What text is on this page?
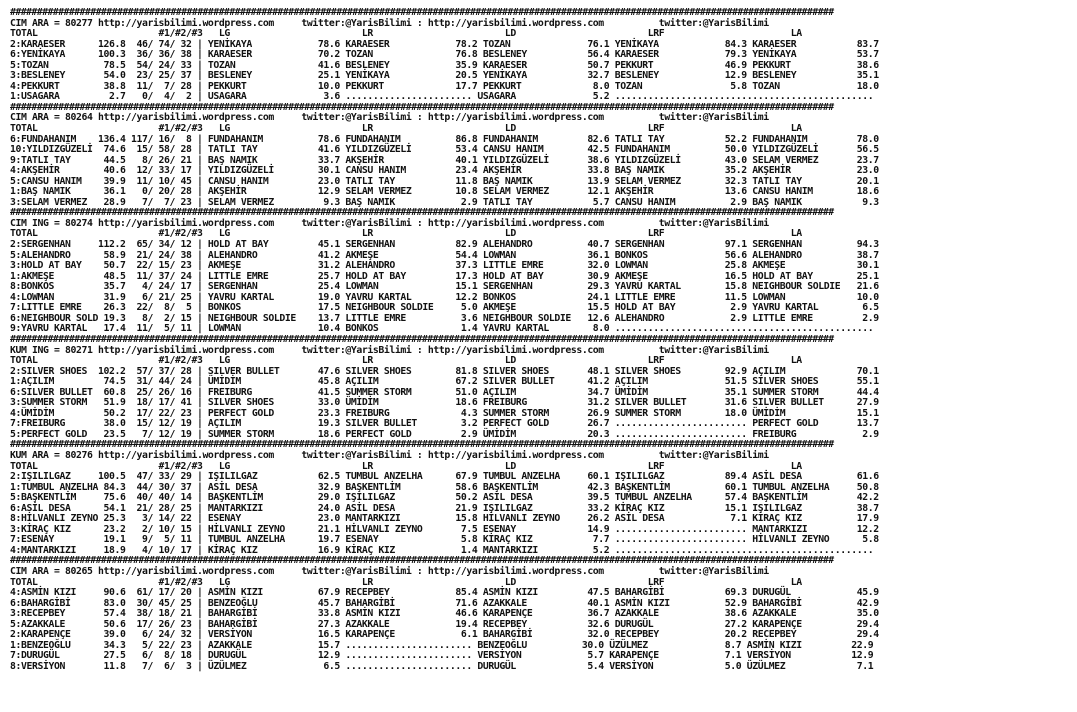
##########################################################################################################################################################
CIM ARA = 80277 http://yarisbilimi.wordpress.com     twitter:@YarisBilimi : http://yarisbilimi.wordpress.com          twitter:@YarisBilimi
TOTAL                      #1/#2/#3   LG                        LR                        LD                        LRF                       LA
2:KARAESER      126.8  46/ 74/ 32 | YENİKAYA            78.6 KARAESER            78.2 TOZAN              76.1 YENİKAYA            84.3 KARAESER           83.7
6:YENİKAYA      100.3  36/ 36/ 38 | KARAESER            70.2 TOZAN               76.8 BESLENEY           56.4 KARAESER            79.3 YENİKAYA           53.7
5:TOZAN          78.5  54/ 24/ 33 | TOZAN               41.6 BESLENEY            35.9 KARAESER           50.7 PEKKURT             46.9 PEKKURT            38.6
3:BESLENEY       54.0  23/ 25/ 37 | BESLENEY            25.1 YENİKAYA            20.5 YENİKAYA           32.7 BESLENEY            12.9 BESLENEY           35.1
4:PEKKURT        38.8  11/  7/ 28 | PEKKURT             10.0 PEKKURT             17.7 PEKKURT             8.0 TOZAN                5.8 TOZAN              18.0
1:USAGARA         2.7   0/  4/  2 | USAGARA              3.6 ....................... USAGARA              5.2 ...............................................
##########################################################################################################################################################
CIM ARA = 80264 http://yarisbilimi.wordpress.com     twitter:@YarisBilimi : http://yarisbilimi.wordpress.com          twitter:@YarisBilimi
TOTAL                      #1/#2/#3   LG                        LR                        LD                        LRF                       LA
6:FUNDAHANIM    136.4 117/ 16/  8 | FUNDAHANIM          78.6 FUNDAHANIM          86.8 FUNDAHANIM         82.6 TATLI TAY           52.2 FUNDAHANIM         78.0
10:YILDIZGÜZELİ  74.6  15/ 58/ 28 | TATLI TAY           41.6 YILDIZGÜZELİ        53.4 CANSU HANIM        42.5 FUNDAHANIM          50.0 YILDIZGÜZELİ       56.5
9:TATLI TAY      44.5   8/ 26/ 21 | BAŞ NAMIK           33.7 AKŞEHİR             40.1 YILDIZGÜZELİ       38.6 YILDIZGÜZELİ        43.0 SELAM VERMEZ       23.7
4:AKŞEHİR        40.6  12/ 33/ 17 | YILDIZGÜZELİ        30.1 CANSU HANIM         23.4 AKŞEHİR            33.8 BAŞ NAMIK           35.2 AKŞEHİR            23.0
5:CANSU HANIM    39.9  11/ 10/ 45 | CANSU HANIM         23.0 TATLI TAY           11.8 BAŞ NAMIK          13.9 SELAM VERMEZ        32.3 TATLI TAY          20.1
1:BAŞ NAMIK      36.1   0/ 20/ 28 | AKŞEHİR             12.9 SELAM VERMEZ        10.8 SELAM VERMEZ       12.1 AKŞEHİR             13.6 CANSU HANIM        18.6
3:SELAM VERMEZ   28.9   7/  7/ 23 | SELAM VERMEZ         9.3 BAŞ NAMIK            2.9 TATLI TAY           5.7 CANSU HANIM          2.9 BAŞ NAMIK           9.3
##########################################################################################################################################################
CIM ING = 80274 http://yarisbilimi.wordpress.com     twitter:@YarisBilimi : http://yarisbilimi.wordpress.com          twitter:@YarisBilimi
TOTAL                      #1/#2/#3   LG                        LR                        LD                        LRF                       LA
2:SERGENHAN     112.2  65/ 34/ 12 | HOLD AT BAY         45.1 SERGENHAN           82.9 ALEHANDRO          40.7 SERGENHAN           97.1 SERGENHAN          94.3
5:ALEHANDRO      58.9  21/ 24/ 38 | ALEHANDRO           41.2 AKMEŞE              54.4 LOWMAN             36.1 BONKOS              56.6 ALEHANDRO          38.7
3:HOLD AT BAY    50.7  22/ 15/ 23 | AKMEŞE              31.2 ALEHANDRO           37.3 LITTLE EMRE        32.0 LOWMAN              25.8 AKMEŞE             30.1
1:AKMEŞE         48.5  11/ 37/ 24 | LITTLE EMRE         25.7 HOLD AT BAY         17.3 HOLD AT BAY        30.9 AKMEŞE              16.5 HOLD AT BAY        25.1
8:BONKOS         35.7   4/ 24/ 17 | SERGENHAN           25.4 LOWMAN              15.1 SERGENHAN          29.3 YAVRU KARTAL        15.8 NEIGHBOUR SOLDIE   21.6
4:LOWMAN         31.9   6/ 21/ 25 | YAVRU KARTAL        19.0 YAVRU KARTAL        12.2 BONKOS             24.1 LITTLE EMRE         11.5 LOWMAN             10.0
7:LITTLE EMRE    26.3  22/  8/  5 | BONKOS              17.5 NEIGHBOUR SOLDIE     5.0 AKMEŞE             15.5 HOLD AT BAY          2.9 YAVRU KARTAL        6.5
6:NEIGHBOUR SOLD 19.3   8/  2/ 15 | NEIGHBOUR SOLDIE    13.7 LITTLE EMRE          3.6 NEIGHBOUR SOLDIE   12.6 ALEHANDRO            2.9 LITTLE EMRE         2.9
9:YAVRU KARTAL   17.4  11/  5/ 11 | LOWMAN              10.4 BONKOS               1.4 YAVRU KARTAL        8.0 ...............................................
##########################################################################################################################################################
KUM ING = 80271 http://yarisbilimi.wordpress.com     twitter:@YarisBilimi : http://yarisbilimi.wordpress.com          twitter:@YarisBilimi
TOTAL                      #1/#2/#3   LG                        LR                        LD                        LRF                       LA
2:SILVER SHOES  102.2  57/ 37/ 28 | SILVER BULLET       47.6 SILVER SHOES        81.8 SILVER SHOES       48.1 SILVER SHOES        92.9 AÇILIM             70.1
1:AÇILIM         74.5  31/ 44/ 24 | ÜMİDİM              45.8 AÇILIM              67.2 SILVER BULLET      41.2 AÇILIM              51.5 SILVER SHOES       55.1
6:SILVER BULLET  60.8  25/ 26/ 16 | FREIBURG            41.5 SUMMER STORM        51.0 AÇILIM             34.7 ÜMİDİM              35.1 SUMMER STORM       44.4
3:SUMMER STORM   51.9  18/ 17/ 41 | SILVER SHOES        33.0 ÜMİDİM              18.6 FREIBURG           31.2 SILVER BULLET       31.6 SILVER BULLET      27.9
4:ÜMİDİM         50.2  17/ 22/ 23 | PERFECT GOLD        23.3 FREIBURG             4.3 SUMMER STORM       26.9 SUMMER STORM        18.0 ÜMİDİM             15.1
7:FREIBURG       38.0  15/ 12/ 19 | AÇILIM              19.3 SILVER BULLET        3.2 PERFECT GOLD       26.7 ........................ PERFECT GOLD       13.7
5:PERFECT GOLD   23.5   7/ 12/ 19 | SUMMER STORM        18.6 PERFECT GOLD         2.9 ÜMİDİM             20.3 ........................ FREIBURG            2.9
##########################################################################################################################################################
KUM ARA = 80276 http://yarisbilimi.wordpress.com     twitter:@YarisBilimi : http://yarisbilimi.wordpress.com          twitter:@YarisBilimi
TOTAL                      #1/#2/#3   LG                        LR                        LD                        LRF                       LA
2:IŞILILGAZ     100.5  47/ 33/ 29 | IŞILILGAZ           62.5 TUMBUL ANZELHA      67.9 TUMBUL ANZELHA     60.1 IŞILILGAZ           89.4 ASİL DESA          61.6
1:TUMBUL ANZELHA 84.3  44/ 30/ 37 | ASİL DESA           32.9 BAŞKENTLİM          58.6 BAŞKENTLİM         42.3 BAŞKENTLİM          60.1 TUMBUL ANZELHA     50.8
5:BAŞKENTLİM     75.6  40/ 40/ 14 | BAŞKENTLİM          29.0 IŞILILGAZ           50.2 ASİL DESA          39.5 TUMBUL ANZELHA      57.4 BAŞKENTLİM         42.2
6:ASİL DESA      54.1  21/ 28/ 25 | MANTARKIZI          24.0 ASİL DESA           21.9 IŞILILGAZ          33.2 KİRAÇ KIZ           15.1 IŞILILGAZ          38.7
8:HİLVANLI ZEYNO 25.3   3/ 14/ 22 | ESENAY              23.0 MANTARKIZI          15.8 HİLVANLI ZEYNO     26.2 ASİL DESA            7.1 KİRAÇ KIZ          17.9
3:KİRAÇ KIZ      23.2   2/ 10/ 15 | HİLVANLI ZEYNO      21.1 HİLVANLI ZEYNO       7.5 ESENAY             14.9 ........................ MANTARKIZI         12.2
7:ESENAY         19.1   9/  5/ 11 | TUMBUL ANZELHA      19.7 ESENAY               5.8 KİRAÇ KIZ           7.7 ........................ HİLVANLI ZEYNO      5.8
4:MANTARKIZI     18.9   4/ 10/ 17 | KİRAÇ KIZ           16.9 KİRAÇ KIZ            1.4 MANTARKIZI          5.2 ...............................................
##########################################################################################################################################################
CIM ARA = 80265 http://yarisbilimi.wordpress.com     twitter:@YarisBilimi : http://yarisbilimi.wordpress.com          twitter:@YarisBilimi
TOTAL                      #1/#2/#3   LG                        LR                        LD                        LRF                       LA
4:ASMİN KIZI     90.6  61/ 17/ 20 | ASMİN KIZI          67.9 RECEPBEY            85.4 ASMİN KIZI         47.5 BAHARGİBİ           69.3 DURUGÜL            45.9
6:BAHARGİBİ      83.0  30/ 45/ 25 | BENZEOĞLU           45.7 BAHARGİBİ           71.6 AZAKKALE           40.1 ASMİN KIZI          52.9 BAHARGİBİ          42.9
3:RECEPBEY       57.4  38/ 18/ 21 | BAHARGİBİ           33.8 ASMİN KIZI          46.6 KARAPENÇE          36.7 AZAKKALE            38.6 AZAKKALE           35.0
5:AZAKKALE       50.6  17/ 26/ 23 | BAHARGİBİ           27.3 AZAKKALE            19.4 RECEPBEY           32.6 DURUGÜL             27.2 KARAPENÇE          29.4
2:KARAPENÇE      39.0   6/ 24/ 32 | VERSİYON            16.5 KARAPENÇE            6.1 BAHARGİBİ          32.0 RECEPBEY            20.2 RECEPBEY           29.4
1:BENZEOĞLU      34.3   5/ 22/ 23 | AZAKKALE            15.7 ....................... BENZEOĞLU          30.0 ÜZÜLMEZ              8.7 ASMİN KIZI         22.9
7:DURUGÜL        27.5   6/  8/ 18 | DURUGÜL             12.9 ....................... VERSİYON            5.7 KARAPENÇE            7.1 VERSİYON           12.9
8:VERSİYON       11.8   7/  6/  3 | ÜZÜLMEZ              6.5 ....................... DURUGÜL             5.4 VERSİYON             5.0 ÜZÜLMEZ             7.1
